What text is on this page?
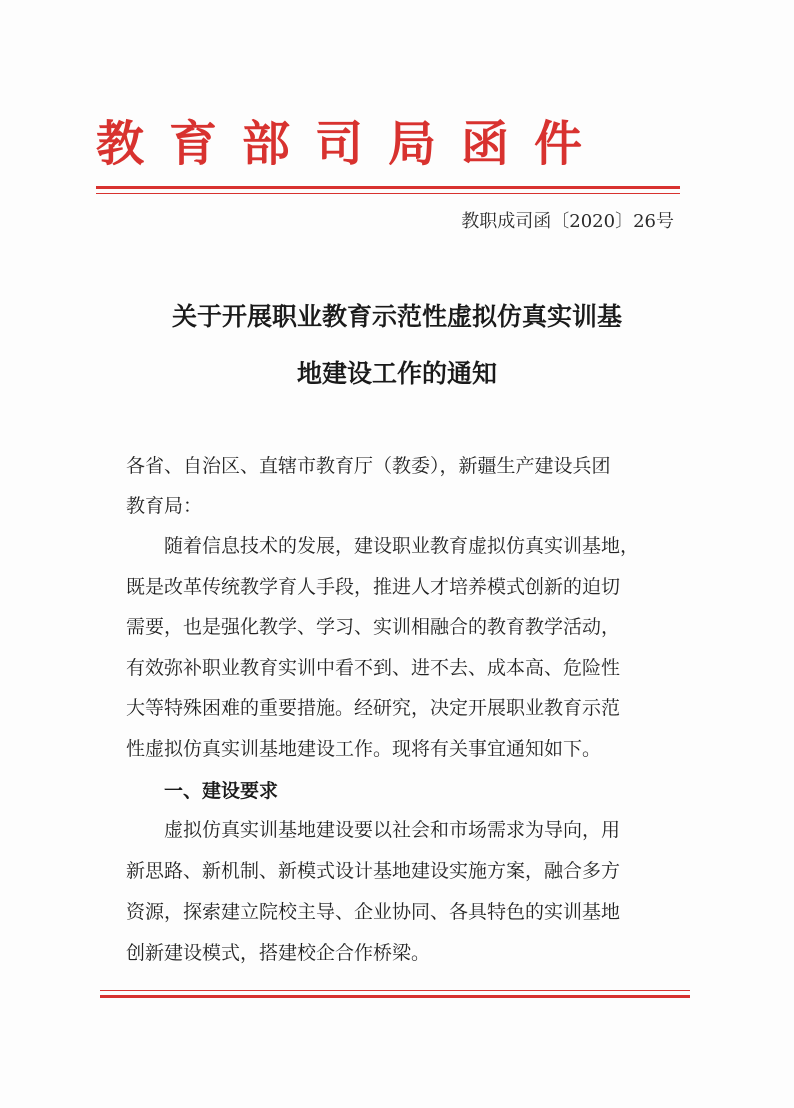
教育部司局函件
教职成司函〔2020〕26号
关于开展职业教育示范性虚拟仿真实训基
地建设工作的通知
各省、自治区、直辖市教育厅（教委），新疆生产建设兵团
教育局：
随着信息技术的发展，建设职业教育虚拟仿真实训基地，
既是改革传统教学育人手段，推进人才培养模式创新的迫切
需要，也是强化教学、学习、实训相融合的教育教学活动，
有效弥补职业教育实训中看不到、进不去、成本高、危险性
大等特殊困难的重要措施。经研究，决定开展职业教育示范
性虚拟仿真实训基地建设工作。现将有关事宜通知如下。
一、建设要求
虚拟仿真实训基地建设要以社会和市场需求为导向，用
新思路、新机制、新模式设计基地建设实施方案，融合多方
资源，探索建立院校主导、企业协同、各具特色的实训基地
创新建设模式，搭建校企合作桥梁。
